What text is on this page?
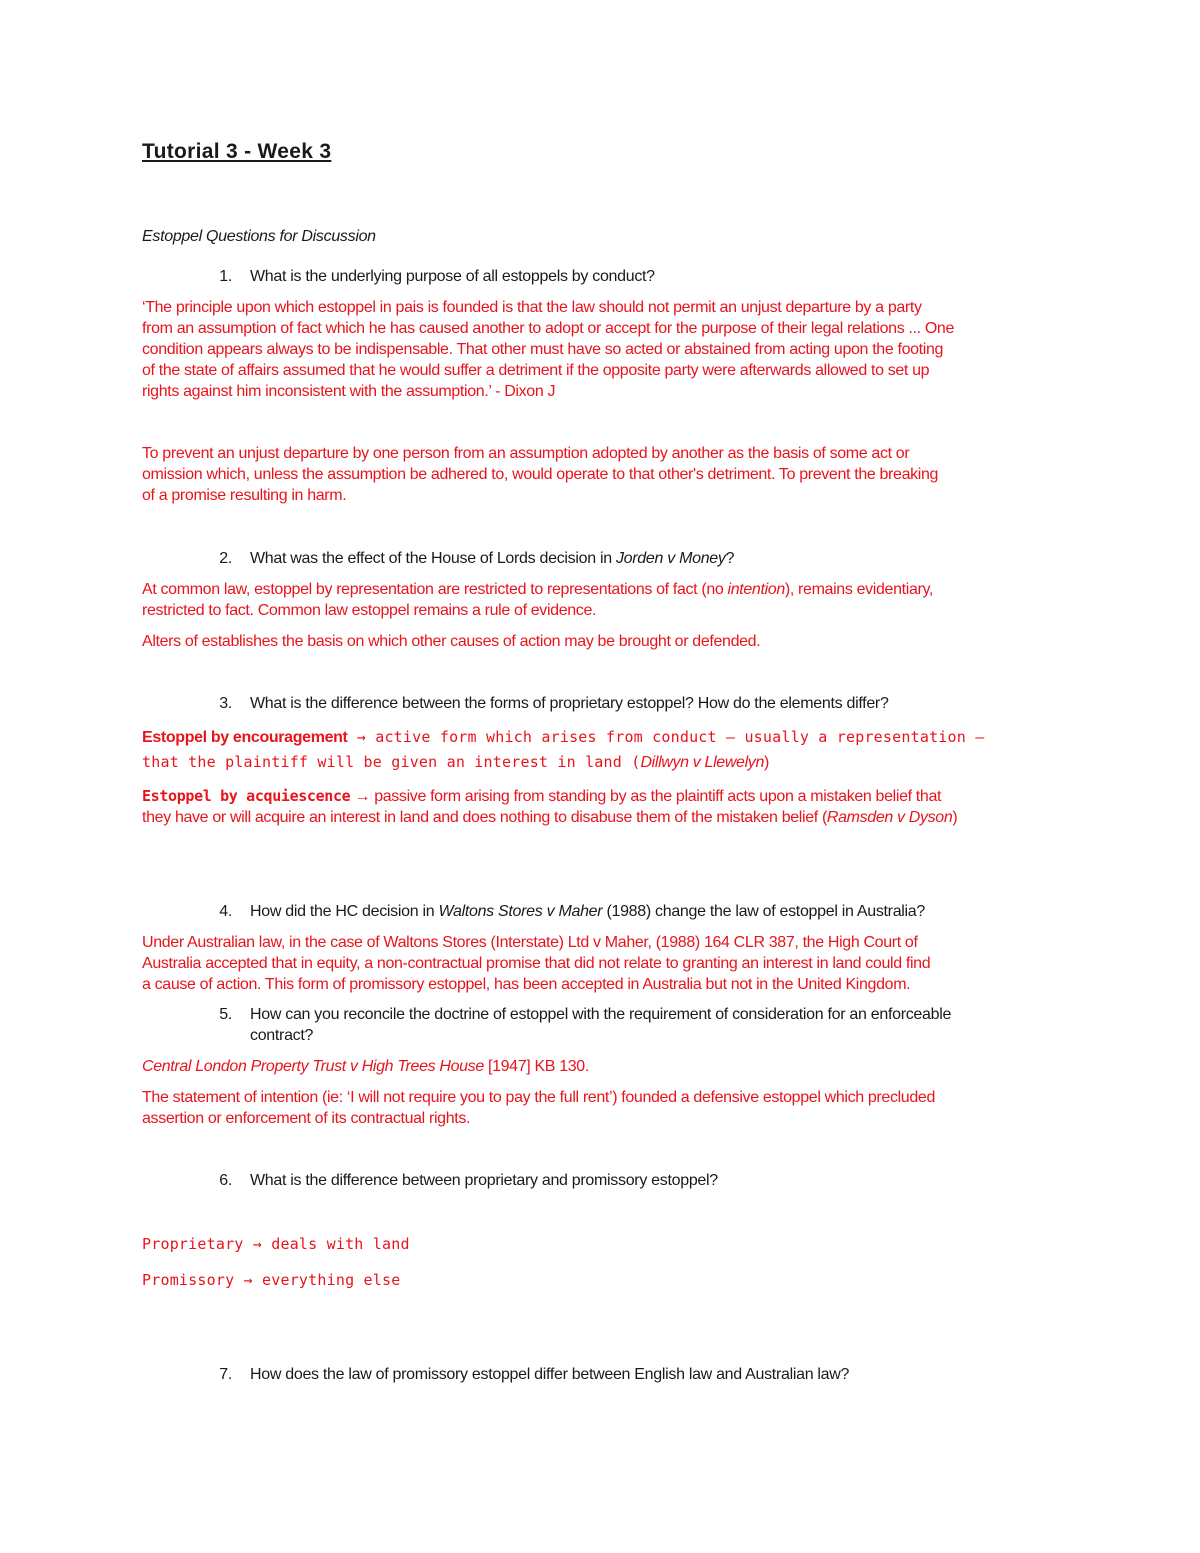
Tutorial 3 - Week 3
Estoppel Questions for Discussion
1. What is the underlying purpose of all estoppels by conduct?
‘The principle upon which estoppel in pais is founded is that the law should not permit an unjust departure by a party
from an assumption of fact which he has caused another to adopt or accept for the purpose of their legal relations ... One
condition appears always to be indispensable. That other must have so acted or abstained from acting upon the footing
of the state of affairs assumed that he would suffer a detriment if the opposite party were afterwards allowed to set up
rights against him inconsistent with the assumption.’ - Dixon J
To prevent an unjust departure by one person from an assumption adopted by another as the basis of some act or
omission which, unless the assumption be adhered to, would operate to that other's detriment. To prevent the breaking
of a promise resulting in harm.
2. What was the effect of the House of Lords decision in Jorden v Money?
At common law, estoppel by representation are restricted to representations of fact (no intention), remains evidentiary,
restricted to fact. Common law estoppel remains a rule of evidence.
Alters of establishes the basis on which other causes of action may be brought or defended.
3. What is the difference between the forms of proprietary estoppel? How do the elements differ?
Estoppel by encouragement → active form which arises from conduct – usually a representation –
that the plaintiff will be given an interest in land (Dillwyn v Llewelyn)
Estoppel by acquiescence → passive form arising from standing by as the plaintiff acts upon a mistaken belief that
they have or will acquire an interest in land and does nothing to disabuse them of the mistaken belief (Ramsden v Dyson)
4. How did the HC decision in Waltons Stores v Maher (1988) change the law of estoppel in Australia?
Under Australian law, in the case of Waltons Stores (Interstate) Ltd v Maher, (1988) 164 CLR 387, the High Court of
Australia accepted that in equity, a non-contractual promise that did not relate to granting an interest in land could find
a cause of action. This form of promissory estoppel, has been accepted in Australia but not in the United Kingdom.
5. How can you reconcile the doctrine of estoppel with the requirement of consideration for an enforceable
contract?
Central London Property Trust v High Trees House [1947] KB 130.
The statement of intention (ie: ‘I will not require you to pay the full rent’) founded a defensive estoppel which precluded
assertion or enforcement of its contractual rights.
6. What is the difference between proprietary and promissory estoppel?
Proprietary → deals with land
Promissory → everything else
7. How does the law of promissory estoppel differ between English law and Australian law?
